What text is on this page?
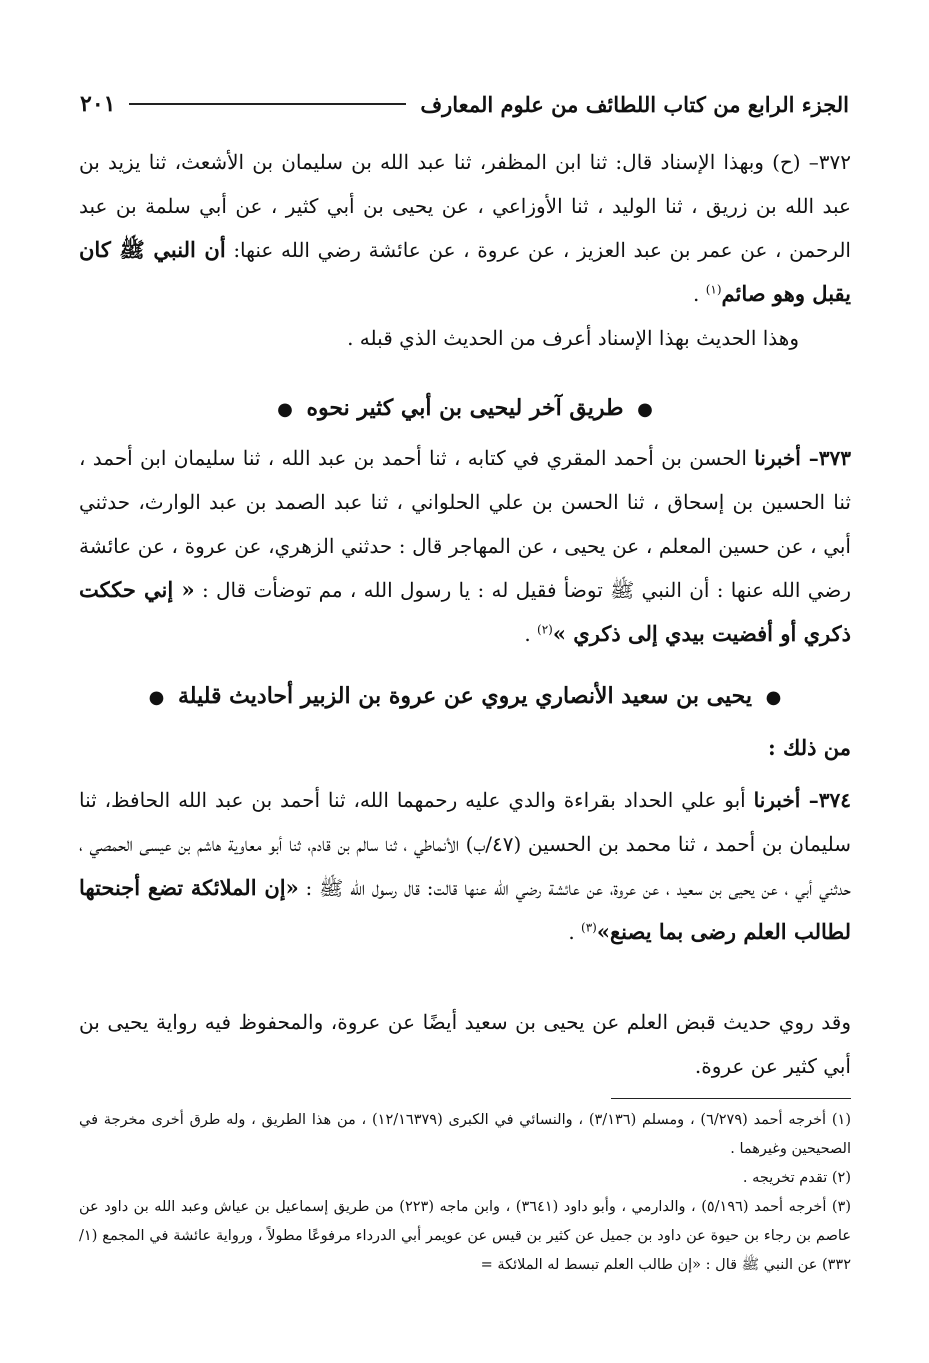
الجزء الرابع من كتاب اللطائف من علوم المعارف
٢٠١
٣٧٢– (ح) وبهذا الإسناد قال: ثنا ابن المظفر، ثنا عبد الله بن سليمان بن الأشعث، ثنا يزيد بن عبد الله بن زريق ، ثنا الوليد ، ثنا الأوزاعي ، عن يحيى بن أبي كثير ، عن أبي سلمة بن عبد الرحمن ، عن عمر بن عبد العزيز ، عن عروة ، عن عائشة رضي الله عنها: أن النبي ﷺ كان يقبل وهو صائم$^{(١)}$ .
وهذا الحديث بهذا الإسناد أعرف من الحديث الذي قبله .
● طريق آخر ليحيى بن أبي كثير نحوه ●
٣٧٣– أخبرنا الحسن بن أحمد المقري في كتابه ، ثنا أحمد بن عبد الله ، ثنا سليمان ابن أحمد ، ثنا الحسين بن إسحاق ، ثنا الحسن بن علي الحلواني ، ثنا عبد الصمد بن عبد الوارث، حدثني أبي ، عن حسين المعلم ، عن يحيى ، عن المهاجر قال : حدثني الزهري، عن عروة ، عن عائشة رضي الله عنها : أن النبي ﷺ توضأ فقيل له : يا رسول الله ، مم توضأت قال : « إني حككت ذكري أو أفضيت بيدي إلى ذكري »$^{(٢)}$ .
● يحيى بن سعيد الأنصاري يروي عن عروة بن الزبير أحاديث قليلة ●
من ذلك :
٣٧٤– أخبرنا أبو علي الحداد بقراءة والدي عليه رحمهما الله، ثنا أحمد بن عبد الله الحافظ، ثنا سليمان بن أحمد ، ثنا محمد بن الحسين (٤٧/ب) الأنماطي ، ثنا سالم بن قادم، ثنا أبو معاوية هاشم بن عيسى الحمصي ، حدثني أبي ، عن يحيى بن سعيد ، عن عروة، عن عائشة رضي الله عنها قالت: قال رسول الله ﷺ : «إن الملائكة تضع أجنحتها لطالب العلم رضى بما يصنع»$^{(٣)}$ .
وقد روي حديث قبض العلم عن يحيى بن سعيد أيضًا عن عروة، والمحفوظ فيه رواية يحيى بن أبي كثير عن عروة.

(١) أخرجه أحمد (٦/٢٧٩) ، ومسلم (٣/١٣٦) ، والنسائي في الكبرى (١٢/١٦٣٧٩) ، من هذا الطريق ، وله طرق أخرى مخرجة في الصحيحين وغيرهما .

(٢) تقدم تخريجه .

(٣) أخرجه أحمد (٥/١٩٦) ، والدارمي ، وأبو داود (٣٦٤١) ، وابن ماجه (٢٢٣) من طريق إسماعيل بن عياش وعبد الله بن داود عن عاصم بن رجاء بن حيوة عن داود بن جميل عن كثير بن قيس عن عويمر أبي الدرداء مرفوعًا مطولاً ، ورواية عائشة في المجمع (١/ ٣٣٢) عن النبي ﷺ قال : «إن طالب العلم تبسط له الملائكة =
